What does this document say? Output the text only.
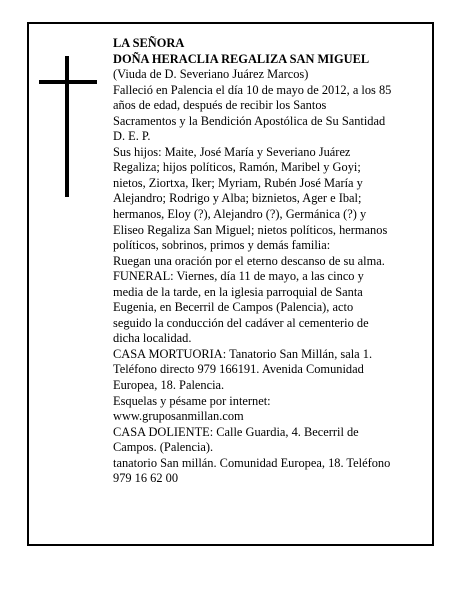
LA SEÑORA
DOÑA HERACLIA REGALIZA SAN MIGUEL
(Viuda de D. Severiano Juárez Marcos)
Falleció en Palencia el día 10 de mayo de 2012, a los 85
años de edad, después de recibir los Santos
Sacramentos y la Bendición Apostólica de Su Santidad
D. E. P.
Sus hijos: Maite, José María y Severiano Juárez
Regaliza; hijos políticos, Ramón, Maribel y Goyi;
nietos, Ziortxa, Iker; Myriam, Rubén José María y
Alejandro; Rodrigo y Alba; biznietos, Ager e Ibal;
hermanos, Eloy (?), Alejandro (?), Germánica (?) y
Eliseo Regaliza San Miguel; nietos políticos, hermanos
políticos, sobrinos, primos y demás familia:
Ruegan una oración por el eterno descanso de su alma.
FUNERAL: Viernes, día 11 de mayo, a las cinco y
media de la tarde, en la iglesia parroquial de Santa
Eugenia, en Becerril de Campos (Palencia), acto
seguido la conducción del cadáver al cementerio de
dicha localidad.
CASA MORTUORIA: Tanatorio San Millán, sala 1.
Teléfono directo 979 166191. Avenida Comunidad
Europea, 18. Palencia.
Esquelas y pésame por internet:
www.gruposanmillan.com
CASA DOLIENTE: Calle Guardia, 4. Becerril de
Campos. (Palencia).
tanatorio San millán. Comunidad Europea, 18. Teléfono
979 16 62 00
